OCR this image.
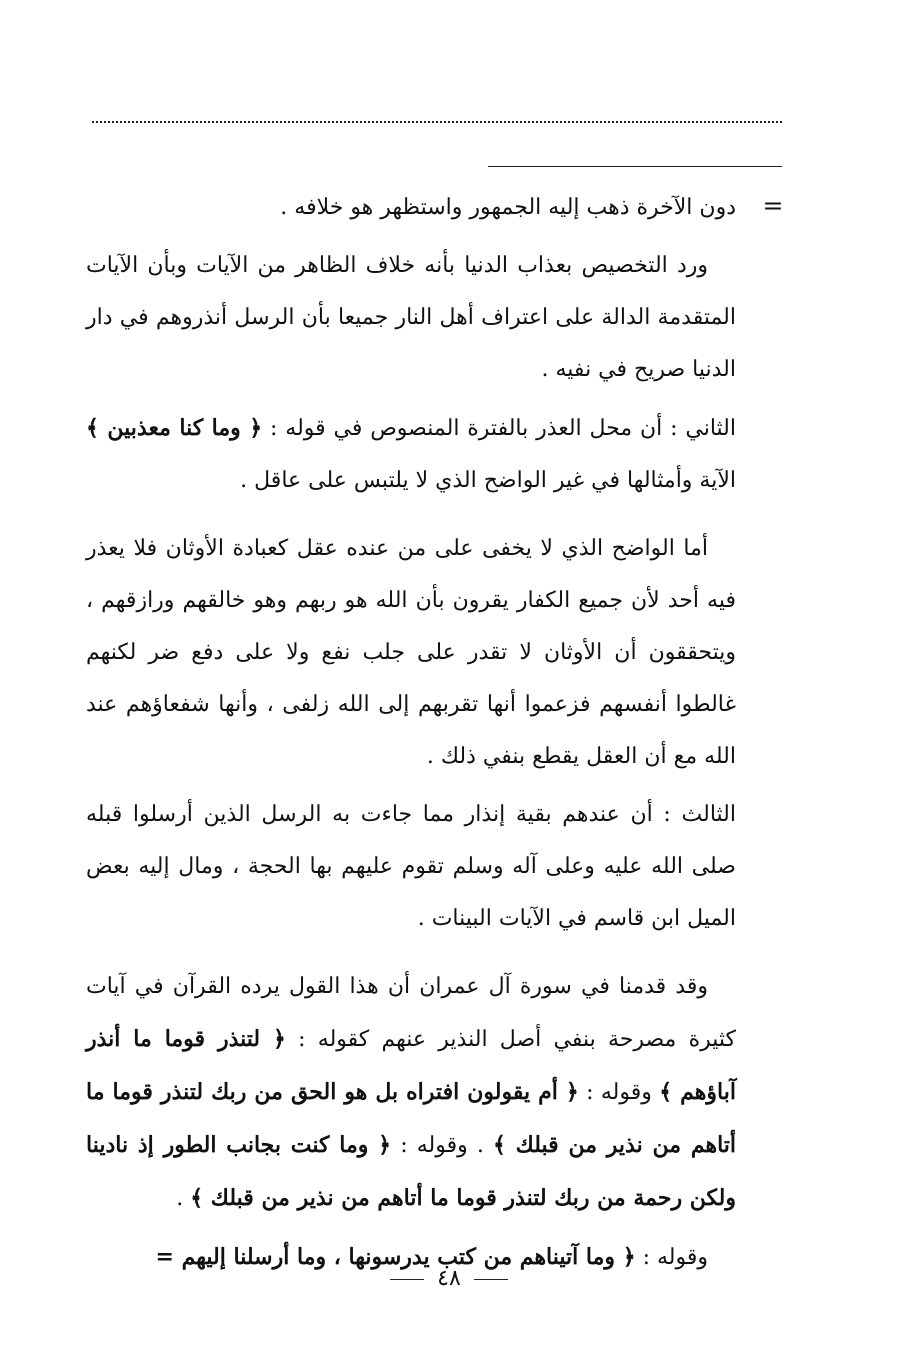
=

دون الآخرة ذهب إليه الجمهور واستظهر هو خلافه .

ورد التخصيص بعذاب الدنيا بأنه خلاف الظاهر من الآيات وبأن الآيات المتقدمة الدالة على اعتراف أهل النار جميعا بأن الرسل أنذروهم في دار الدنيا صريح في نفيه .

الثاني : أن محل العذر بالفترة المنصوص في قوله : ﴿ وما كنا معذبين ﴾ الآية وأمثالها في غير الواضح الذي لا يلتبس على عاقل .

أما الواضح الذي لا يخفى على من عنده عقل كعبادة الأوثان فلا يعذر فيه أحد لأن جميع الكفار يقرون بأن الله هو ربهم وهو خالقهم ورازقهم ، ويتحققون أن الأوثان لا تقدر على جلب نفع ولا على دفع ضر لكنهم غالطوا أنفسهم فزعموا أنها تقربهم إلى الله زلفى ، وأنها شفعاؤهم عند الله مع أن العقل يقطع بنفي ذلك .

الثالث : أن عندهم بقية إنذار مما جاءت به الرسل الذين أرسلوا قبله صلى الله عليه وعلى آله وسلم تقوم عليهم بها الحجة ، ومال إليه بعض الميل ابن قاسم في الآيات البينات .

وقد قدمنا في سورة آل عمران أن هذا القول يرده القرآن في آيات كثيرة مصرحة بنفي أصل النذير عنهم كقوله : ﴿ لتنذر قوما ما أنذر آباؤهم ﴾ وقوله : ﴿ أم يقولون افتراه بل هو الحق من ربك لتنذر قوما ما أتاهم من نذير من قبلك ﴾ . وقوله : ﴿ وما كنت بجانب الطور إذ نادينا ولكن رحمة من ربك لتنذر قوما ما أتاهم من نذير من قبلك ﴾ .

وقوله : ﴿ وما آتيناهم من كتب يدرسونها ، وما أرسلنا إليهم =

٤٨
